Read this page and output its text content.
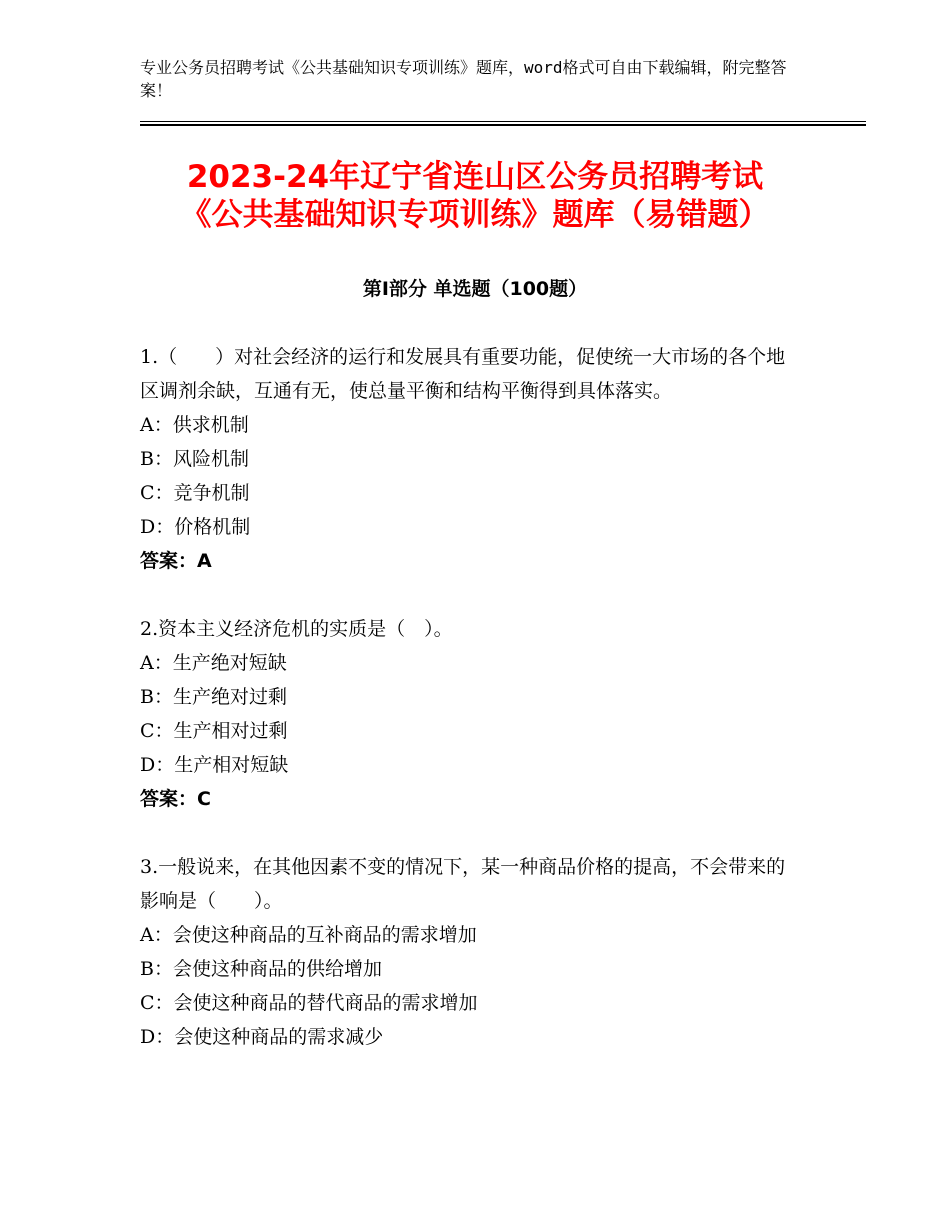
专业公务员招聘考试《公共基础知识专项训练》题库，word格式可自由下载编辑，附完整答案！
2023-24年辽宁省连山区公务员招聘考试
《公共基础知识专项训练》题库（易错题）
第I部分 单选题（100题）

1.（　　）对社会经济的运行和发展具有重要功能，促使统一大市场的各个地区调剂余缺，互通有无，使总量平衡和结构平衡得到具体落实。

A：供求机制

B：风险机制

C：竞争机制

D：价格机制

答案：A

2.资本主义经济危机的实质是（　）。

A：生产绝对短缺

B：生产绝对过剩

C：生产相对过剩

D：生产相对短缺

答案：C

3.一般说来，在其他因素不变的情况下，某一种商品价格的提高，不会带来的影响是（　　）。

A：会使这种商品的互补商品的需求增加

B：会使这种商品的供给增加

C：会使这种商品的替代商品的需求增加

D：会使这种商品的需求减少
